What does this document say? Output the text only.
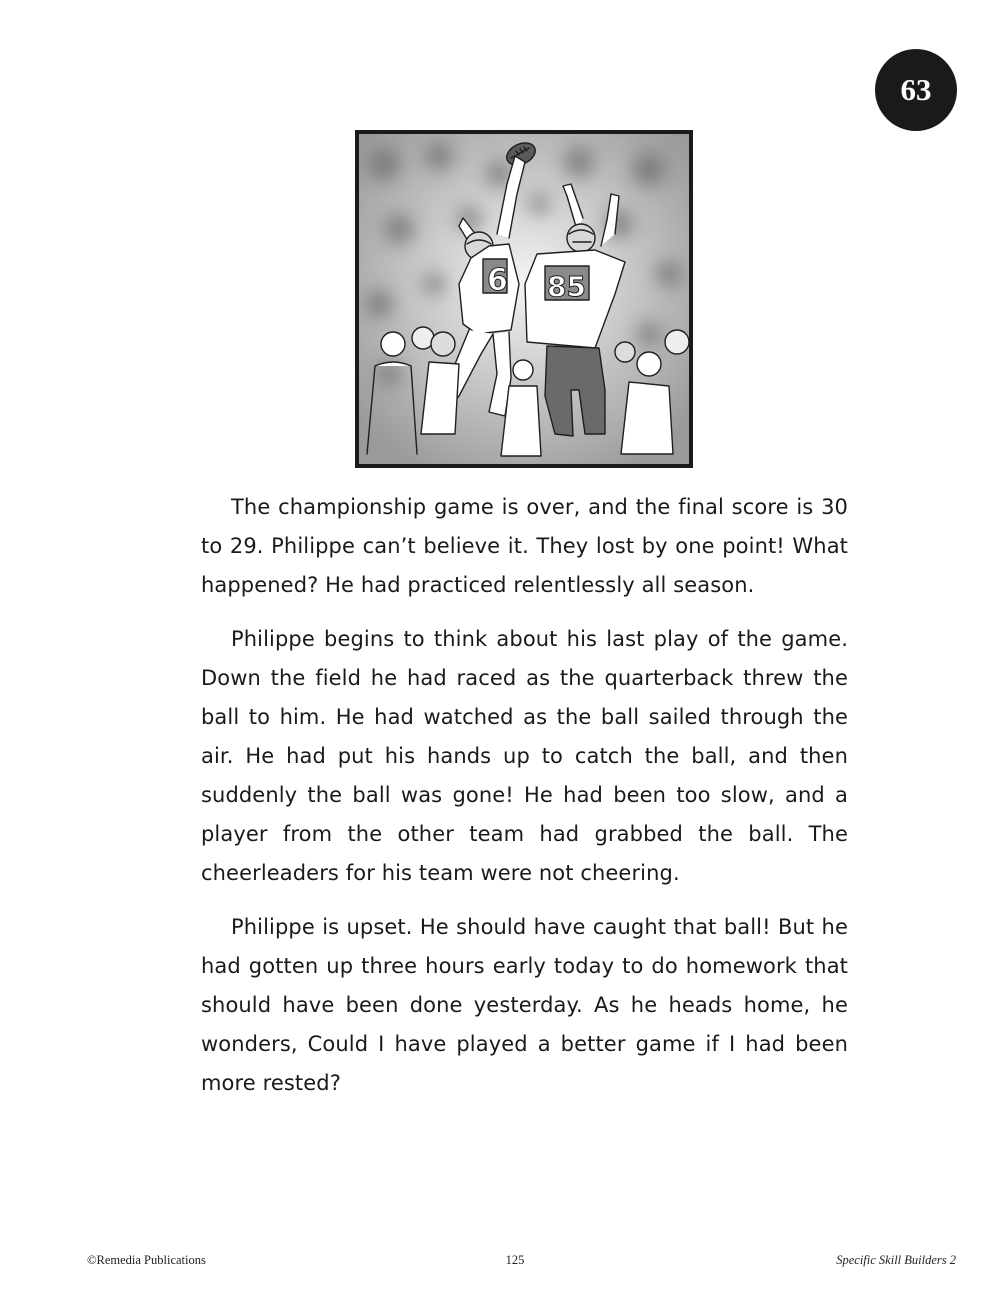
63
6 85

The championship game is over, and the final score is 30 to 29. Philippe can’t believe it. They lost by one point! What happened? He had practiced relentlessly all season.

Philippe begins to think about his last play of the game. Down the field he had raced as the quarterback threw the ball to him. He had watched as the ball sailed through the air. He had put his hands up to catch the ball, and then suddenly the ball was gone! He had been too slow, and a player from the other team had grabbed the ball. The cheerleaders for his team were not cheering.

Philippe is upset. He should have caught that ball! But he had gotten up three hours early today to do homework that should have been done yesterday. As he heads home, he wonders, Could I have played a better game if I had been more rested?

©Remedia Publications	125	Specific Skill Builders 2
